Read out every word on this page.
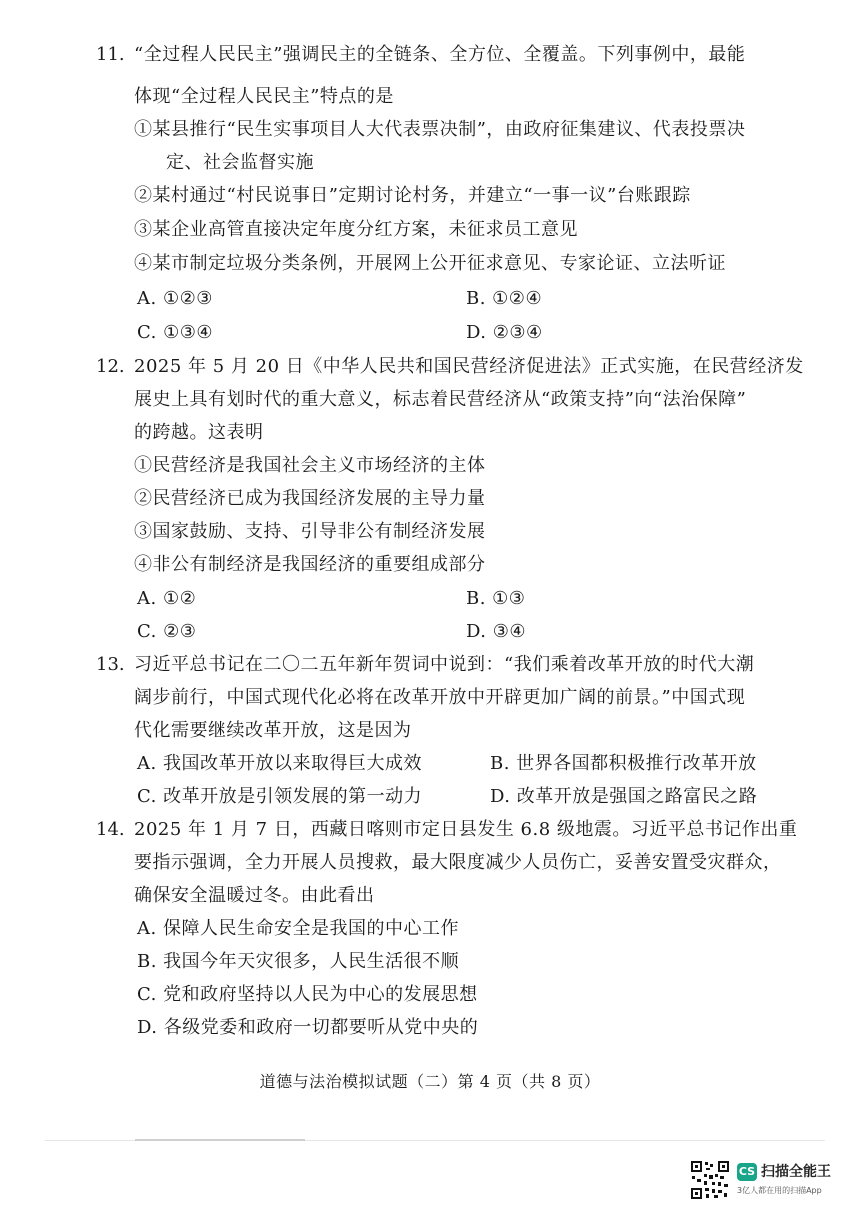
11. “全过程人民民主”强调民主的全链条、全方位、全覆盖。下列事例中，最能
体现“全过程人民民主”特点的是
①某县推行“民生实事项目人大代表票决制”，由政府征集建议、代表投票决
定、社会监督实施
②某村通过“村民说事日”定期讨论村务，并建立“一事一议”台账跟踪
③某企业高管直接决定年度分红方案，未征求员工意见
④某市制定垃圾分类条例，开展网上公开征求意见、专家论证、立法听证
A. ①②③	B. ①②④
C. ①③④	D. ②③④
12. 2025 年 5 月 20 日《中华人民共和国民营经济促进法》正式实施，在民营经济发
展史上具有划时代的重大意义，标志着民营经济从“政策支持”向“法治保障”
的跨越。这表明
①民营经济是我国社会主义市场经济的主体
②民营经济已成为我国经济发展的主导力量
③国家鼓励、支持、引导非公有制经济发展
④非公有制经济是我国经济的重要组成部分
A. ①②	B. ①③
C. ②③	D. ③④
13. 习近平总书记在二〇二五年新年贺词中说到：“我们乘着改革开放的时代大潮
阔步前行，中国式现代化必将在改革开放中开辟更加广阔的前景。”中国式现
代化需要继续改革开放，这是因为
A. 我国改革开放以来取得巨大成效	B. 世界各国都积极推行改革开放
C. 改革开放是引领发展的第一动力	D. 改革开放是强国之路富民之路
14. 2025 年 1 月 7 日，西藏日喀则市定日县发生 6.8 级地震。习近平总书记作出重
要指示强调，全力开展人员搜救，最大限度减少人员伤亡，妥善安置受灾群众，
确保安全温暖过冬。由此看出
A. 保障人民生命安全是我国的中心工作
B. 我国今年天灾很多，人民生活很不顺
C. 党和政府坚持以人民为中心的发展思想
D. 各级党委和政府一切都要听从党中央的
道德与法治模拟试题（二）第 4 页（共 8 页）
CS 扫描全能王
3亿人都在用的扫描App
